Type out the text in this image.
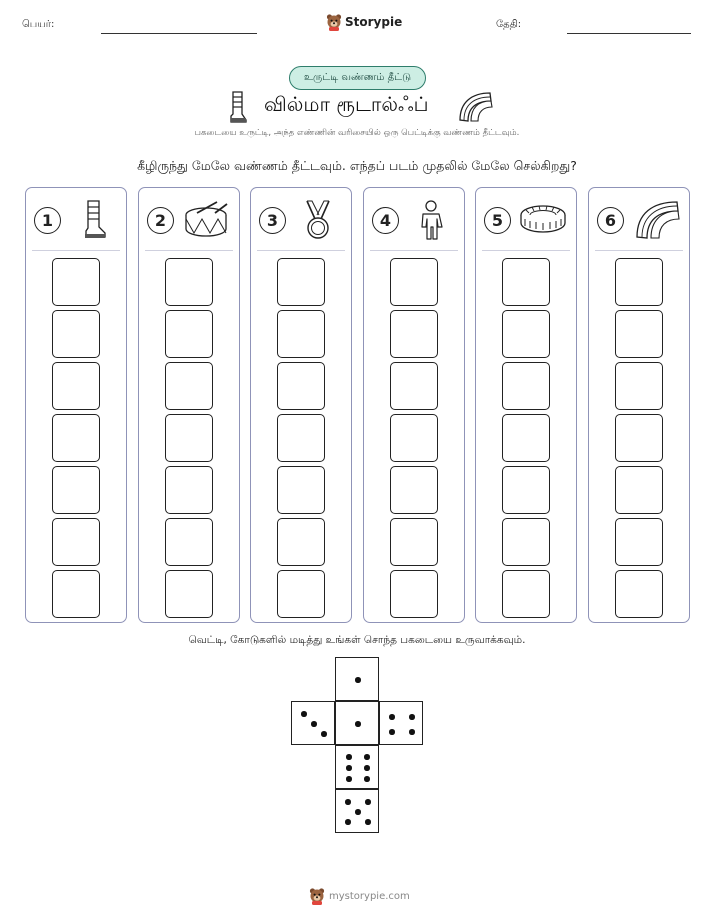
பெயர்:	Storypie	தேதி:
உருட்டி வண்ணம் தீட்டு
வில்மா ரூடால்ஃப்
பகடையை உருட்டி, அந்த எண்ணின் வரிசையில் ஒரு பெட்டிக்கு வண்ணம் தீட்டவும்.
கீழிருந்து மேலே வண்ணம் தீட்டவும். எந்தப் படம் முதலில் மேலே செல்கிறது?
1	2	3	4	5	6
வெட்டி, கோடுகளில் மடித்து உங்கள் சொந்த பகடையை உருவாக்கவும்.
mystorypie.com
